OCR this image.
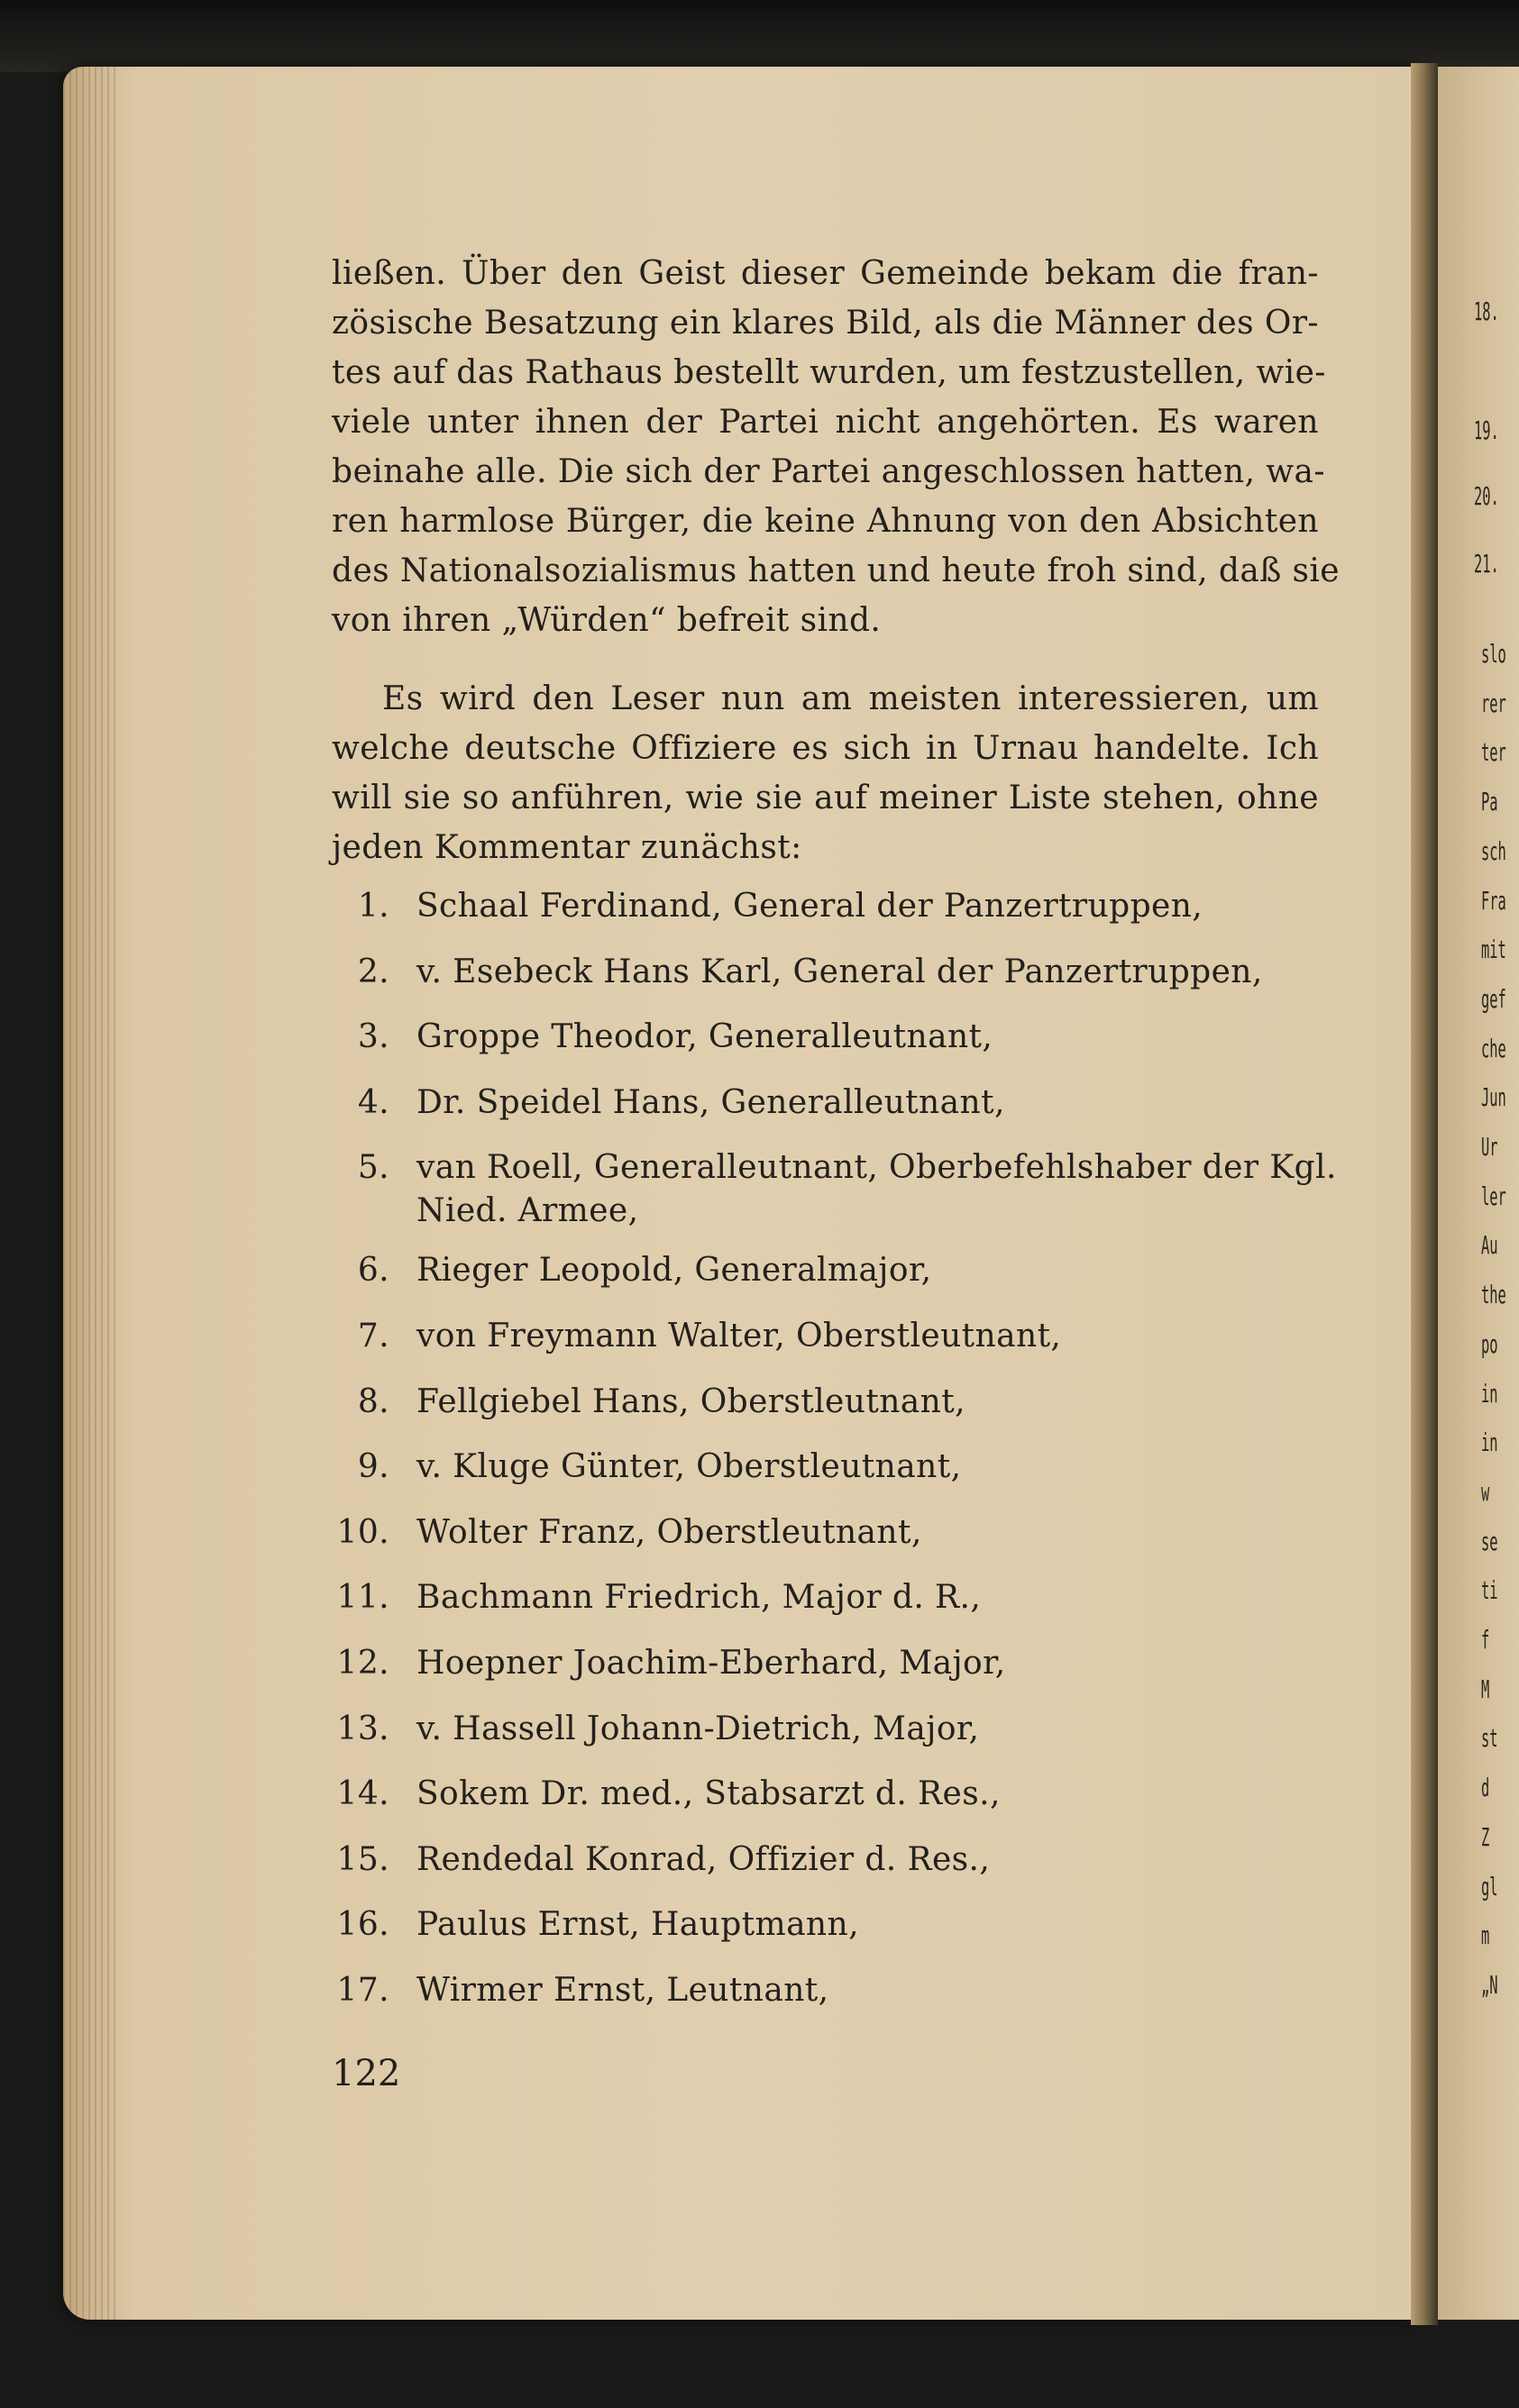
18.
19.
20.
21.
slo
rer
ter
Pa
sch
Fra
mit
gef
che
Jun
Ur
ler
Au
the
po
in
in
w
se
ti
f
M
st
d
Z
gl
m
„N
ließen. Über den Geist dieser Gemeinde bekam die fran-
zösische Besatzung ein klares Bild, als die Männer des Or-
tes auf das Rathaus bestellt wurden, um festzustellen, wie-
viele unter ihnen der Partei nicht angehörten. Es waren
beinahe alle. Die sich der Partei angeschlossen hatten, wa-
ren harmlose Bürger, die keine Ahnung von den Absichten
des Nationalsozialismus hatten und heute froh sind, daß sie
von ihren „Würden“ befreit sind.
Es wird den Leser nun am meisten interessieren, um
welche deutsche Offiziere es sich in Urnau handelte. Ich
will sie so anführen, wie sie auf meiner Liste stehen, ohne
jeden Kommentar zunächst:
1. Schaal Ferdinand, General der Panzertruppen,
2. v. Esebeck Hans Karl, General der Panzertruppen,
3. Groppe Theodor, Generalleutnant,
4. Dr. Speidel Hans, Generalleutnant,
5. van Roell, Generalleutnant, Oberbefehlshaber der Kgl.
Nied. Armee,
6. Rieger Leopold, Generalmajor,
7. von Freymann Walter, Oberstleutnant,
8. Fellgiebel Hans, Oberstleutnant,
9. v. Kluge Günter, Oberstleutnant,
10. Wolter Franz, Oberstleutnant,
11. Bachmann Friedrich, Major d. R.,
12. Hoepner Joachim-Eberhard, Major,
13. v. Hassell Johann-Dietrich, Major,
14. Sokem Dr. med., Stabsarzt d. Res.,
15. Rendedal Konrad, Offizier d. Res.,
16. Paulus Ernst, Hauptmann,
17. Wirmer Ernst, Leutnant,
122
